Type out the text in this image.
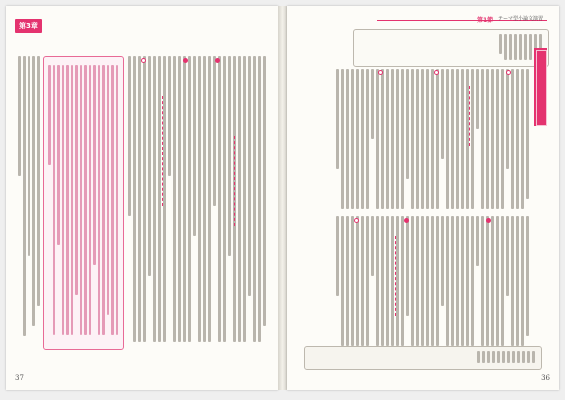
第3章
37
第1節 テーマ型小論文演習
36
